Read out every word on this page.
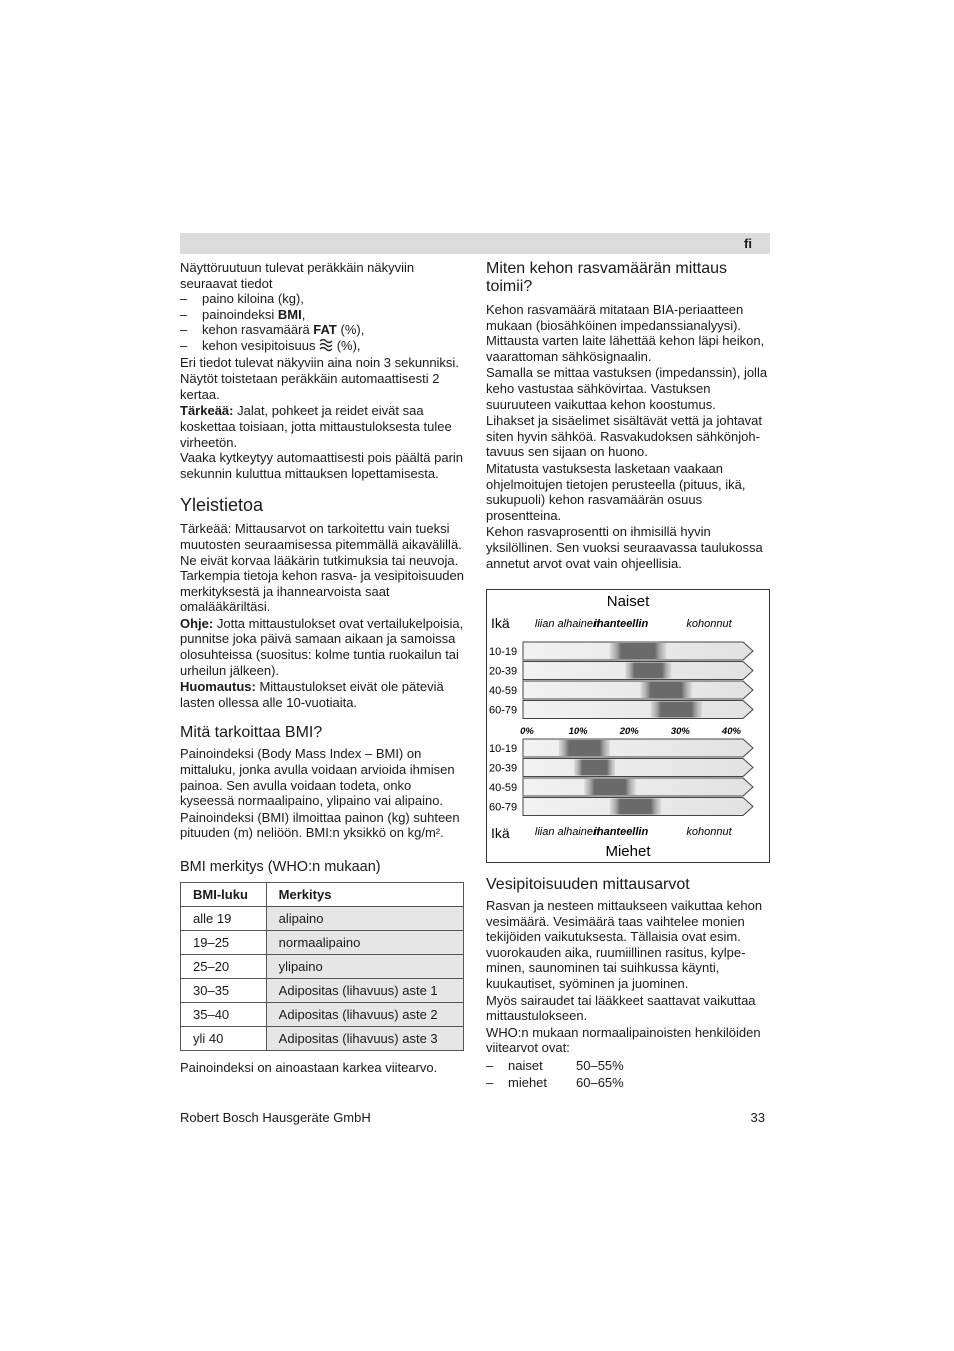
fi

Näyttöruutuun tulevat peräkkäin näkyviin seuraavat tiedot

–	paino kiloina (kg),
–	painoindeksi BMI,
–	kehon rasvamäärä FAT (%),
–	kehon vesipitoisuus  (%),

Eri tiedot tulevat näkyviin aina noin 3 sekunniksi.

Näytöt toistetaan peräkkäin automaattisesti 2 kertaa.

Tärkeää: Jalat, pohkeet ja reidet eivät saa koskettaa toisiaan, jotta mittaustuloksesta tulee virheetön.

Vaaka kytkeytyy automaattisesti pois päältä parin sekunnin kuluttua mittauksen lopettamisesta.

Yleistietoa

Tärkeää: Mittausarvot on tarkoitettu vain tueksi muutosten seuraamisessa pitemmällä aikavälillä. Ne eivät korvaa lääkärin tutkimuksia tai neuvoja. Tarkempia tietoja kehon rasva- ja vesipitoisuuden merkityksestä ja ihannearvoista saat omalääkäriltäsi.

Ohje: Jotta mittaustulokset ovat vertailukelpoisia, punnitse joka päivä samaan aikaan ja samoissa olosuhteissa (suositus: kolme tuntia ruokailun tai urheilun jälkeen).

Huomautus: Mittaustulokset eivät ole päteviä lasten ollessa alle 10-vuotiaita.

Mitä tarkoittaa BMI?

Painoindeksi (Body Mass Index – BMI) on mittaluku, jonka avulla voidaan arvioida ihmisen painoa. Sen avulla voidaan todeta, onko kyseessä normaalipaino, ylipaino vai alipaino.

Painoindeksi (BMI) ilmoittaa painon (kg) suhteen pituuden (m) neliöön. BMI:n yksikkö on kg/m².

BMI merkitys (WHO:n mukaan)
BMI-luku	Merkitys
alle 19	alipaino
19–25	normaalipaino
25–20	ylipaino
30–35	Adipositas (lihavuus) aste 1
35–40	Adipositas (lihavuus) aste 2
yli 40	Adipositas (lihavuus) aste 3

Painoindeksi on ainoastaan karkea viitearvo.

Miten kehon rasvamäärän mittaus toimii?

Kehon rasvamäärä mitataan BIA-periaatteen mukaan (biosähköinen impedanssianalyysi). Mittausta varten laite lähettää kehon läpi heikon, vaarattoman sähkösignaalin.

Samalla se mittaa vastuksen (impedanssin), jolla keho vastustaa sähkövirtaa. Vastuksen suuruuteen vaikuttaa kehon koostumus.

Lihakset ja sisäelimet sisältävät vettä ja johtavat siten hyvin sähköä. Rasvakudoksen sähkönjohtavuus sen sijaan on huono.

Mitatusta vastuksesta lasketaan vaakaan ohjelmoitujen tietojen perusteella (pituus, ikä, sukupuoli) kehon rasvamäärän osuus prosentteina.

Kehon rasvaprosentti on ihmisillä hyvin yksilöllinen. Sen vuoksi seuraavassa taulukossa annetut arvot ovat vain ohjeellisia.

Naiset
Ikä liian alhainen
ihanteellin	kohonnut
10-19
20-39
40-59
60-79
0%	10%	20%	30%	40%
10-19
20-39
40-59
60-79
Ikä liian alhainen
ihanteellin	kohonnut
Miehet
Vesipitoisuuden mittausarvot

Rasvan ja nesteen mittaukseen vaikuttaa kehon vesimäärä. Vesimäärä taas vaihtelee monien tekijöiden vaikutuksesta. Tällaisia ovat esim. vuorokauden aika, ruumiillinen rasitus, kylpeminen, saunominen tai suihkussa käynti, kuukautiset, syöminen ja juominen.

Myös sairaudet tai lääkkeet saattavat vaikuttaa mittaustulokseen.

WHO:n mukaan normaalipainoisten henkilöiden viitearvot ovat:

–	naiset	50–55%
–	miehet	60–65%
Robert Bosch Hausgeräte GmbH	33
